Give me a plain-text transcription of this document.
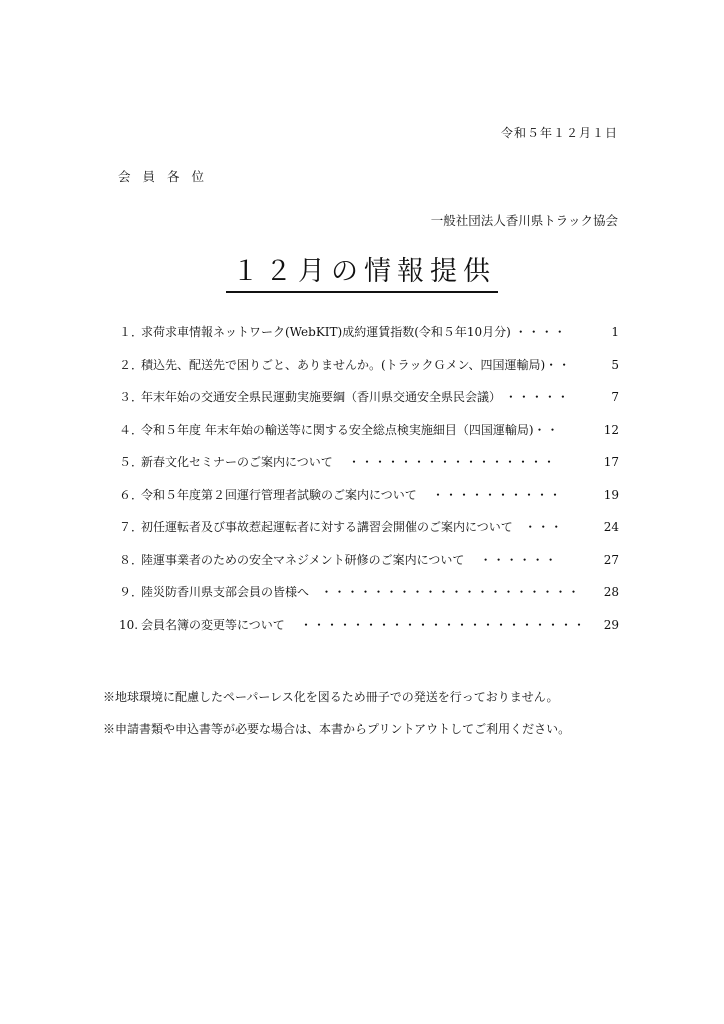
令和５年１２月１日
会員各位
一般社団法人香川県トラック協会
１２月の情報提供
１．求荷求車情報ネットワーク(WebKIT)成約運賃指数(令和５年10月分) ・・・・	1
２．積込先、配送先で困りごと、ありませんか。(トラックＧメン、四国運輸局)・・	5
３．年末年始の交通安全県民運動実施要綱（香川県交通安全県民会議） ・・・・・	7
４．令和５年度 年末年始の輸送等に関する安全総点検実施細目（四国運輸局)・・	12
５．新春文化セミナーのご案内について ・・・・・・・・・・・・・・・・	17
６．令和５年度第２回運行管理者試験のご案内について ・・・・・・・・・・	19
７．初任運転者及び事故惹起運転者に対する講習会開催のご案内について ・・・	24
８．陸運事業者のための安全マネジメント研修のご案内について ・・・・・・	27
９．陸災防香川県支部会員の皆様へ ・・・・・・・・・・・・・・・・・・・・ 28
10. 会員名簿の変更等について ・・・・・・・・・・・・・・・・・・・・・・ 29
※地球環境に配慮したペーパーレス化を図るため冊子での発送を行っておりません。
※申請書類や申込書等が必要な場合は、本書からプリントアウトしてご利用ください。
